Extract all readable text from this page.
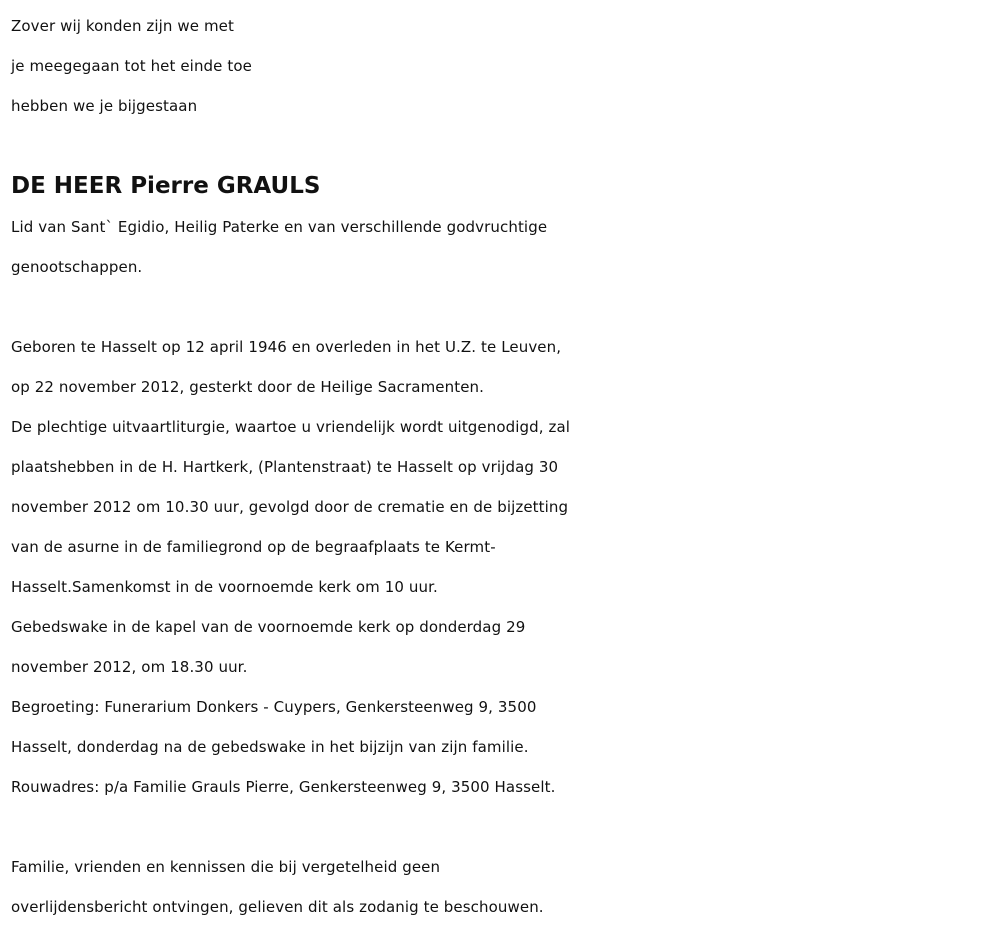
Zover wij konden zijn we met
je meegegaan tot het einde toe
hebben we je bijgestaan
DE HEER Pierre GRAULS
Lid van Sant` Egidio, Heilig Paterke en van verschillende godvruchtige
genootschappen.
Geboren te Hasselt op 12 april 1946 en overleden in het U.Z. te Leuven,
op 22 november 2012, gesterkt door de Heilige Sacramenten.
De plechtige uitvaartliturgie, waartoe u vriendelijk wordt uitgenodigd, zal
plaatshebben in de H. Hartkerk, (Plantenstraat) te Hasselt op vrijdag 30
november 2012 om 10.30 uur, gevolgd door de crematie en de bijzetting
van de asurne in de familiegrond op de begraafplaats te Kermt-
Hasselt.Samenkomst in de voornoemde kerk om 10 uur.
Gebedswake in de kapel van de voornoemde kerk op donderdag 29
november 2012, om 18.30 uur.
Begroeting: Funerarium Donkers - Cuypers, Genkersteenweg 9, 3500
Hasselt, donderdag na de gebedswake in het bijzijn van zijn familie.
Rouwadres: p/a Familie Grauls Pierre, Genkersteenweg 9, 3500 Hasselt.
Familie, vrienden en kennissen die bij vergetelheid geen
overlijdensbericht ontvingen, gelieven dit als zodanig te beschouwen.
